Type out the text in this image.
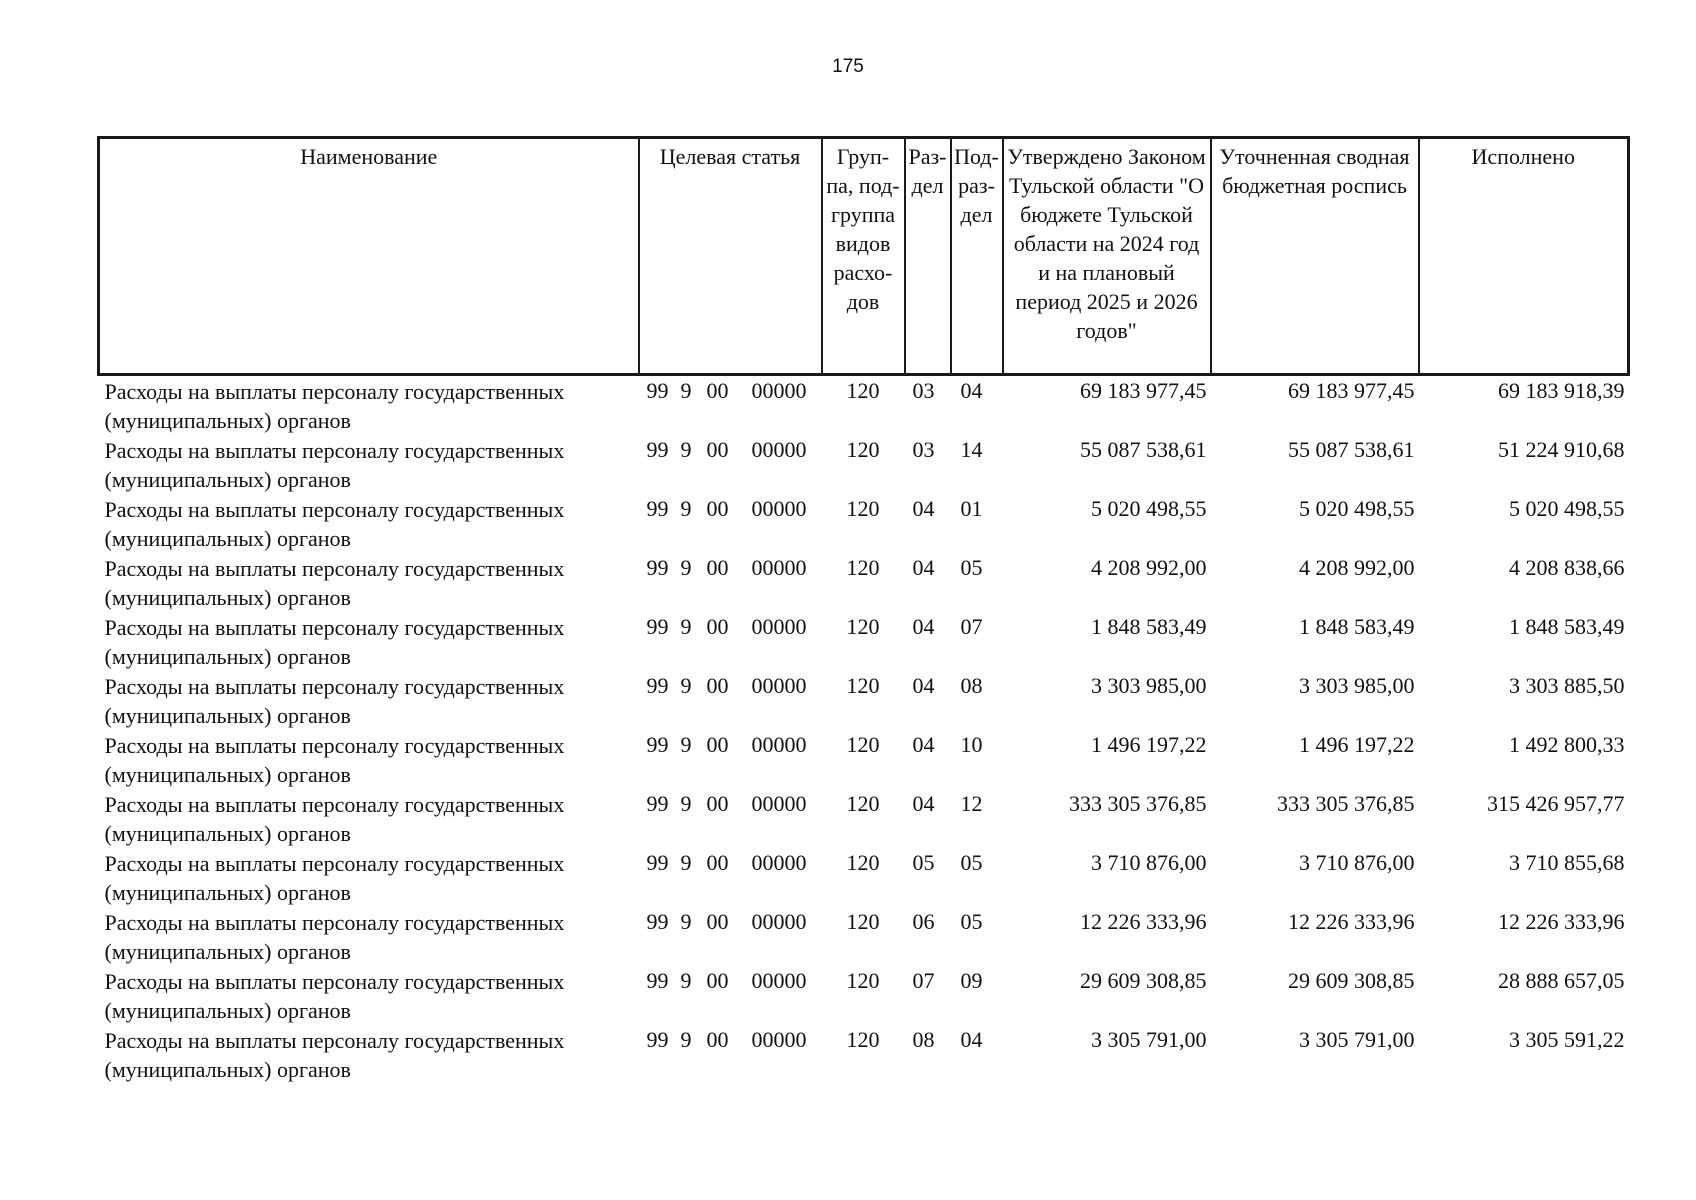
175
Наименование	Целевая статья	Груп-па, под-группа видов расхо-дов	Раз-дел	Под-раз-дел	Утверждено Законом Тульской области "О бюджете Тульской области на 2024 год и на плановый период 2025 и 2026 годов"	Уточненная сводная бюджетная роспись	Исполнено
Расходы на выплаты персоналу государственных (муниципальных) органов	99 9 00 00000	120	03	04	69 183 977,45	69 183 977,45	69 183 918,39
Расходы на выплаты персоналу государственных (муниципальных) органов	99 9 00 00000	120	03	14	55 087 538,61	55 087 538,61	51 224 910,68
Расходы на выплаты персоналу государственных (муниципальных) органов	99 9 00 00000	120	04	01	5 020 498,55	5 020 498,55	5 020 498,55
Расходы на выплаты персоналу государственных (муниципальных) органов	99 9 00 00000	120	04	05	4 208 992,00	4 208 992,00	4 208 838,66
Расходы на выплаты персоналу государственных (муниципальных) органов	99 9 00 00000	120	04	07	1 848 583,49	1 848 583,49	1 848 583,49
Расходы на выплаты персоналу государственных (муниципальных) органов	99 9 00 00000	120	04	08	3 303 985,00	3 303 985,00	3 303 885,50
Расходы на выплаты персоналу государственных (муниципальных) органов	99 9 00 00000	120	04	10	1 496 197,22	1 496 197,22	1 492 800,33
Расходы на выплаты персоналу государственных (муниципальных) органов	99 9 00 00000	120	04	12	333 305 376,85	333 305 376,85	315 426 957,77
Расходы на выплаты персоналу государственных (муниципальных) органов	99 9 00 00000	120	05	05	3 710 876,00	3 710 876,00	3 710 855,68
Расходы на выплаты персоналу государственных (муниципальных) органов	99 9 00 00000	120	06	05	12 226 333,96	12 226 333,96	12 226 333,96
Расходы на выплаты персоналу государственных (муниципальных) органов	99 9 00 00000	120	07	09	29 609 308,85	29 609 308,85	28 888 657,05
Расходы на выплаты персоналу государственных (муниципальных) органов	99 9 00 00000	120	08	04	3 305 791,00	3 305 791,00	3 305 591,22
